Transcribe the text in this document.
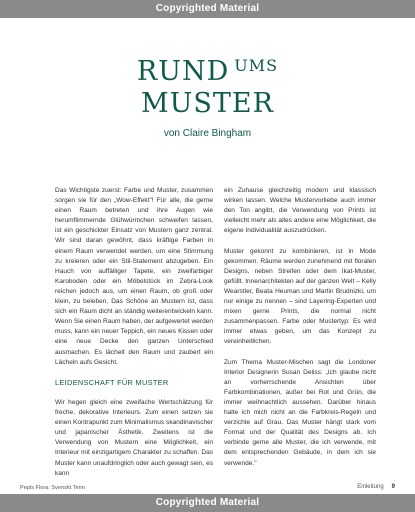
Copyrighted Material
RUND $^{UMS}$
MUSTER
von Claire Bingham

Das Wichtigste zuerst: Farbe und Muster, zusammen sorgen sie für den „Wow-Effekt"! Für alle, die gerne einen Raum betreten und ihre Augen wie herumflimmernde Glühwürmchen schweifen lassen, ist ein geschickter Einsatz von Mustern ganz zentral. Wir sind daran gewöhnt, dass kräftige Farben in einem Raum verwendet werden, um eine Stimmung zu kreieren oder ein Stil-Statement abzugeben. Ein Hauch von auffälliger Tapete, ein zweifarbiger Karoboden oder ein Möbelstück im Zebra-Look reichen jedoch aus, um einen Raum, ob groß oder klein, zu beleben. Das Schöne an Mustern ist, dass sich ein Raum dicht an ständig weiterentwickeln kann. Wenn Sie einen Raum haben, der aufgewertet werden muss, kann ein neuer Teppich, ein neues Kissen oder eine neue Decke den ganzen Unterschied ausmachen. Es lächelt den Raum und zaubert ein Lächeln aufs Gesicht.

LEIDENSCHAFT FÜR MUSTER

Wir hegen gleich eine zweifache Wertschätzung für freche, dekorative Interieurs. Zum einen setzen sie einen Kontrapunkt zum Minimalismus skandinavischer und japanischer Ästhetik. Zweitens ist die Verwendung von Mustern eine Möglichkeit, ein Interieur mit einzigartigem Charakter zu schaffen. Das Muster kann unaufdringlich oder auch gewagt sein, es kann

ein Zuhause gleichzeitig modern und klassisch wirken lassen. Welche Mustervorliebe auch immer den Ton angibt, die Verwendung von Prints ist vielleicht mehr als alles andere eine Möglichkeit, die eigene Individualität auszudrücken.

Muster gekonnt zu kombinieren, ist in Mode gekommen. Räume werden zunehmend mit floralen Designs, neben Streifen oder dem Ikat-Muster, gefüllt. Innenarchitekten auf der ganzen Welt – Kelly Wearstler, Beata Heuman und Martin Brudnizki, um nur einige zu nennen – sind Layering-Experten und mixen gerne Prints, die normal nicht zusammenpassen. Farbe oder Mustertyp: Es wird immer etwas geben, um das Konzept zu vereinheitlichen.

Zum Thema Muster-Mischen sagt die Londoner Interior Designerin Susan Deliss: „Ich glaube nicht an vorherrschende Ansichten über Farbkombinationen, außer bei Rot und Grün, die immer weihnachtlich aussehen. Darüber hinaus halte ich mich nicht an die Farbkreis-Regeln und verzichte auf Grau. Das Muster hängt stark vom Format und der Qualität des Designs ab. Ich verbinde gerne alle Muster, die ich verwende, mit dem entsprechenden Gebäude, in dem ich sie verwende."

Pepls Flora: Svenskt Tenn	Einleitung 9
Copyrighted Material
